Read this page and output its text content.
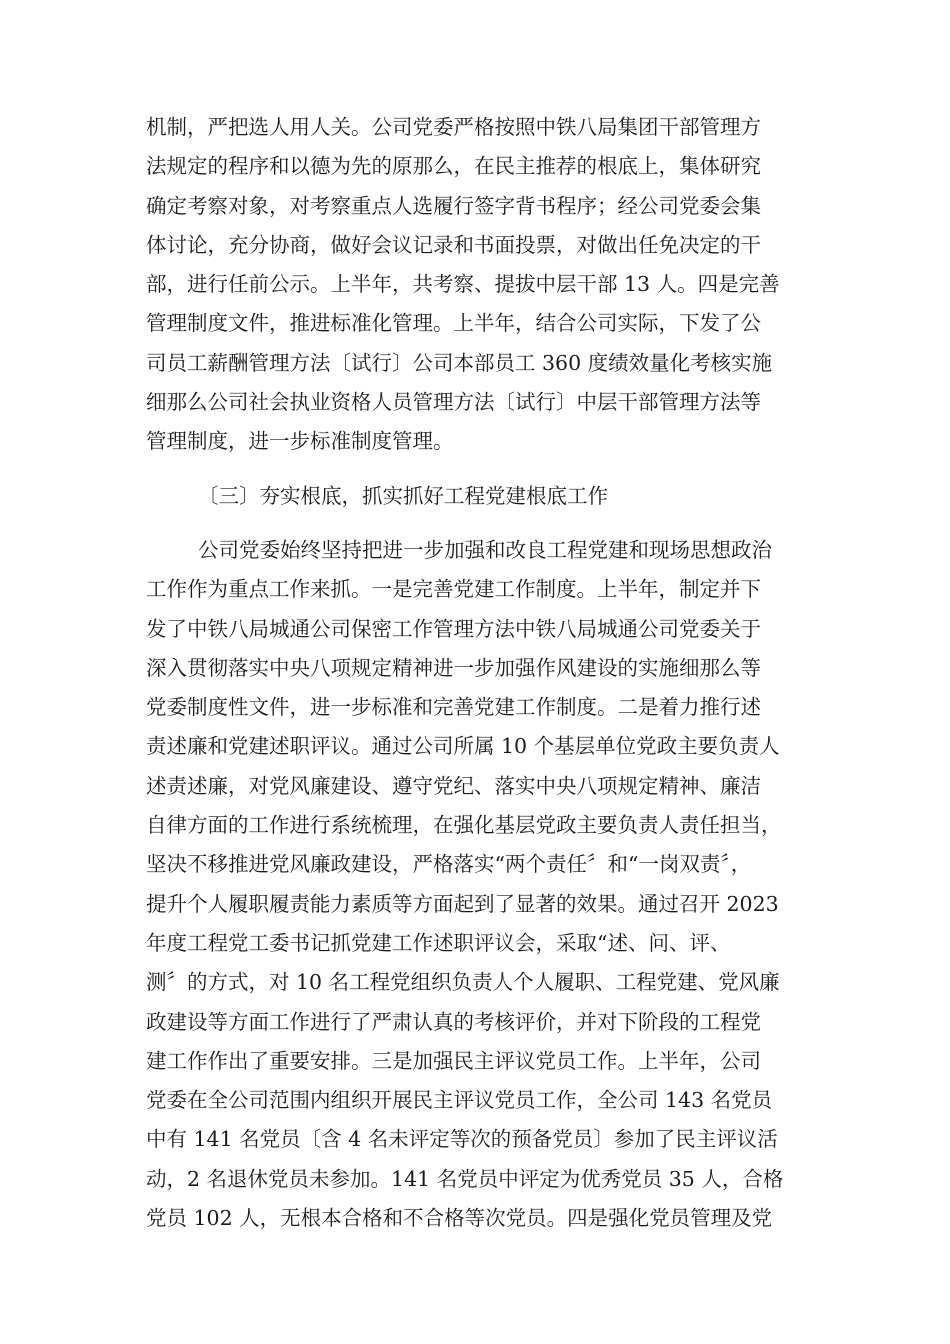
机制，严把选人用人关。公司党委严格按照中铁八局集团干部管理方
法规定的程序和以德为先的原那么，在民主推荐的根底上，集体研究
确定考察对象，对考察重点人选履行签字背书程序；经公司党委会集
体讨论，充分协商，做好会议记录和书面投票，对做出任免决定的干
部，进行任前公示。上半年，共考察、提拔中层干部 13 人。四是完善
管理制度文件，推进标准化管理。上半年，结合公司实际，下发了公
司员工薪酬管理方法〔试行〕公司本部员工 360 度绩效量化考核实施
细那么公司社会执业资格人员管理方法〔试行〕中层干部管理方法等
管理制度，进一步标准制度管理。
〔三〕夯实根底，抓实抓好工程党建根底工作
公司党委始终坚持把进一步加强和改良工程党建和现场思想政治
工作作为重点工作来抓。一是完善党建工作制度。上半年，制定并下
发了中铁八局城通公司保密工作管理方法中铁八局城通公司党委关于
深入贯彻落实中央八项规定精神进一步加强作风建设的实施细那么等
党委制度性文件，进一步标准和完善党建工作制度。二是着力推行述
责述廉和党建述职评议。通过公司所属 10 个基层单位党政主要负责人
述责述廉，对党风廉建设、遵守党纪、落实中央八项规定精神、廉洁
自律方面的工作进行系统梳理，在强化基层党政主要负责人责任担当，
坚决不移推进党风廉政建设，严格落实“两个责任〞和“一岗双责〞，
提升个人履职履责能力素质等方面起到了显著的效果。通过召开 2023
年度工程党工委书记抓党建工作述职评议会，采取“述、问、评、
测〞的方式，对 10 名工程党组织负责人个人履职、工程党建、党风廉
政建设等方面工作进行了严肃认真的考核评价，并对下阶段的工程党
建工作作出了重要安排。三是加强民主评议党员工作。上半年，公司
党委在全公司范围内组织开展民主评议党员工作，全公司 143 名党员
中有 141 名党员〔含 4 名未评定等次的预备党员〕参加了民主评议活
动，2 名退休党员未参加。141 名党员中评定为优秀党员 35 人，合格
党员 102 人，无根本合格和不合格等次党员。四是强化党员管理及党
